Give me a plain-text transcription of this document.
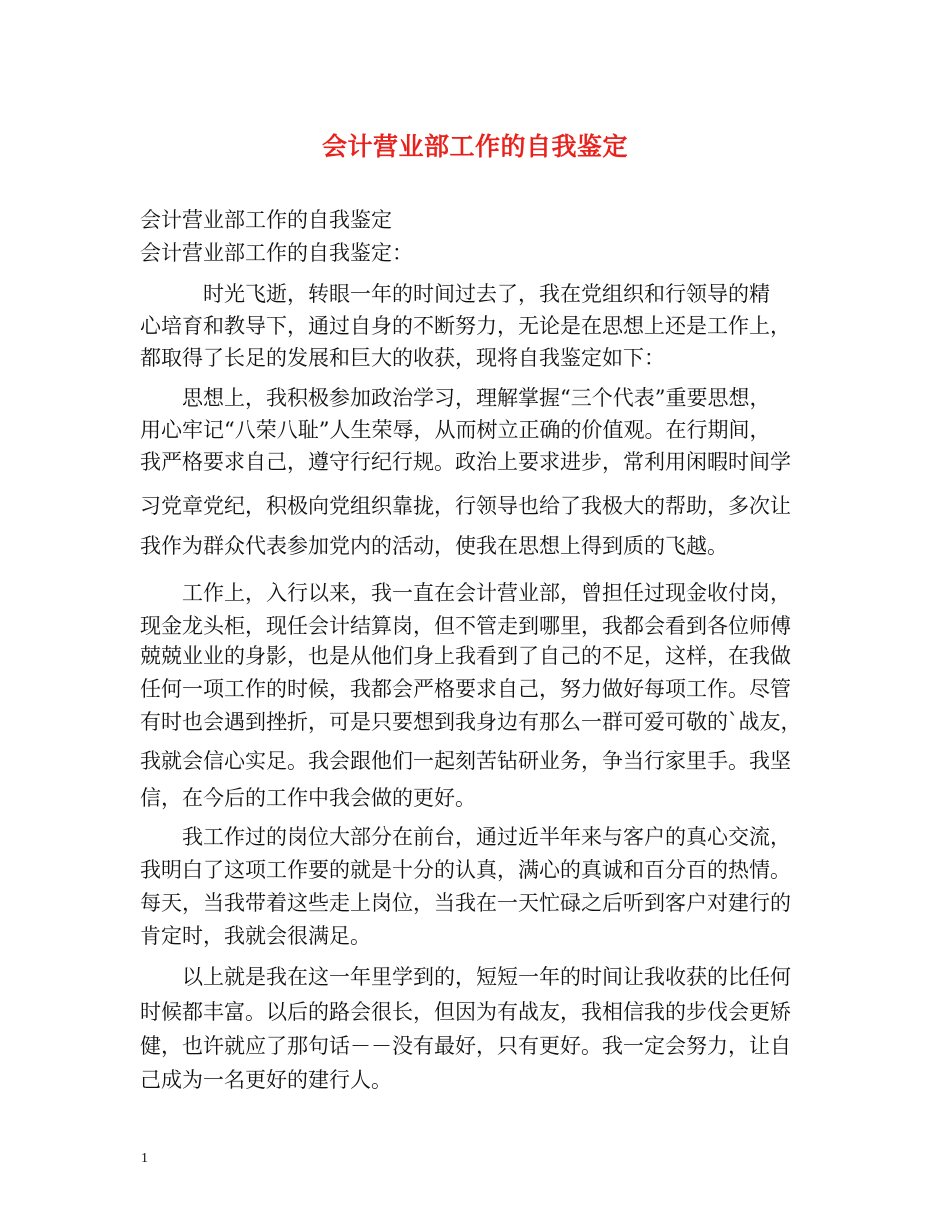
会计营业部工作的自我鉴定
会计营业部工作的自我鉴定
会计营业部工作的自我鉴定：
　　　时光飞逝，转眼一年的时间过去了，我在党组织和行领导的精
心培育和教导下，通过自身的不断努力，无论是在思想上还是工作上，
都取得了长足的发展和巨大的收获，现将自我鉴定如下：
　　思想上，我积极参加政治学习，理解掌握“三个代表”重要思想，
用心牢记“八荣八耻”人生荣辱，从而树立正确的价值观。在行期间，
我严格要求自己，遵守行纪行规。政治上要求进步，常利用闲暇时间学
习党章党纪，积极向党组织靠拢，行领导也给了我极大的帮助，多次让
我作为群众代表参加党内的活动，使我在思想上得到质的飞越。
　　工作上，入行以来，我一直在会计营业部，曾担任过现金收付岗，
现金龙头柜，现任会计结算岗，但不管走到哪里，我都会看到各位师傅
兢兢业业的身影，也是从他们身上我看到了自己的不足，这样，在我做
任何一项工作的时候，我都会严格要求自己，努力做好每项工作。尽管
有时也会遇到挫折，可是只要想到我身边有那么一群可爱可敬的`战友，
我就会信心实足。我会跟他们一起刻苦钻研业务，争当行家里手。我坚
信，在今后的工作中我会做的更好。
　　我工作过的岗位大部分在前台，通过近半年来与客户的真心交流，
我明白了这项工作要的就是十分的认真，满心的真诚和百分百的热情。
每天，当我带着这些走上岗位，当我在一天忙碌之后听到客户对建行的
肯定时，我就会很满足。
　　以上就是我在这一年里学到的，短短一年的时间让我收获的比任何
时候都丰富。以后的路会很长，但因为有战友，我相信我的步伐会更矫
健，也许就应了那句话－－没有最好，只有更好。我一定会努力，让自
己成为一名更好的建行人。
1
